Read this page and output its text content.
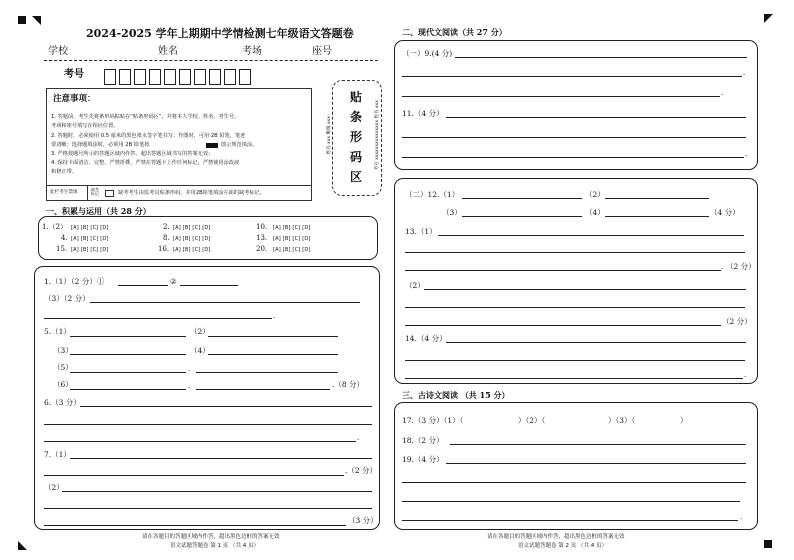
2024-2025 学年上期期中学情检测七年级语文答题卷
学校	姓名	考场	座号
考号
注意事项：
1. 答题前，考生先将条形码粘贴在“贴条形码区”，并将本人学校、姓名、考生号、
考场和座号填写在相应位置。
2. 答题时，必须使用 0.5 毫米的黑色墨水签字笔书写；作图时，可用 2B 铅笔，笔迹
要清晰；选择题填涂时，必须用 2B 铅笔按	图示规范填涂。
3. 严格按题号所示的答题区域内作答，超出答题区域书写的答案无效；
4. 保持卡面清洁、完整，严禁折叠，严禁在答题卡上作任何标记，严禁使用涂改液
和修正带。
此栏考生禁填
缺考
标记	缺考考生由监考员贴条形码，并用2B铅笔填涂左面的缺考标记。
贴
条
形
码
区
姓名 xxx 班级 xxx	考号 xxxxxxxxxxxxxxx 姓名 xxx
一、积累与运用（共 28 分）
1.（2） [A] [B] [C] [D]	2. [A] [B] [C] [D]	10. [A] [B] [C] [D]
4. [A] [B] [C] [D]	8. [A] [B] [C] [D]	13. [A] [B] [C] [D]
15. [A] [B] [C] [D]	16. [A] [B] [C] [D]	20. [A] [B] [C] [D]
1.（1）（2 分）①	②
（3）（2 分）
.
5.（1）	（2）
（3）	（4）
（5）	.
（6）	.	.（8 分）
6.（3 分）
.
7.（1）
.（2 分）
（2）
（3 分）
请在各题目的答题区域内作答，超出黑色边框的答案无效
语文试题答题卷 第 1 页 （共 4 页）
二、现代文阅读（共 27 分）
（一）9.(4 分)
.
.
11.（4 分）
.
（二）12.（1）	（2）
（3）	（4）	（4 分）
13.（1）
. （2 分）
（2）
（2 分）
14.（4 分）
.
三、古诗文阅读 （共 15 分）
17.（3 分）（1）（	）（2）（	）（3）（	）
18.（2 分）
19.（4 分）
.
请在各题目的答题区域内作答，超出黑色边框的答案无效
语文试题答题卷 第 2 页 （共 4 页）
